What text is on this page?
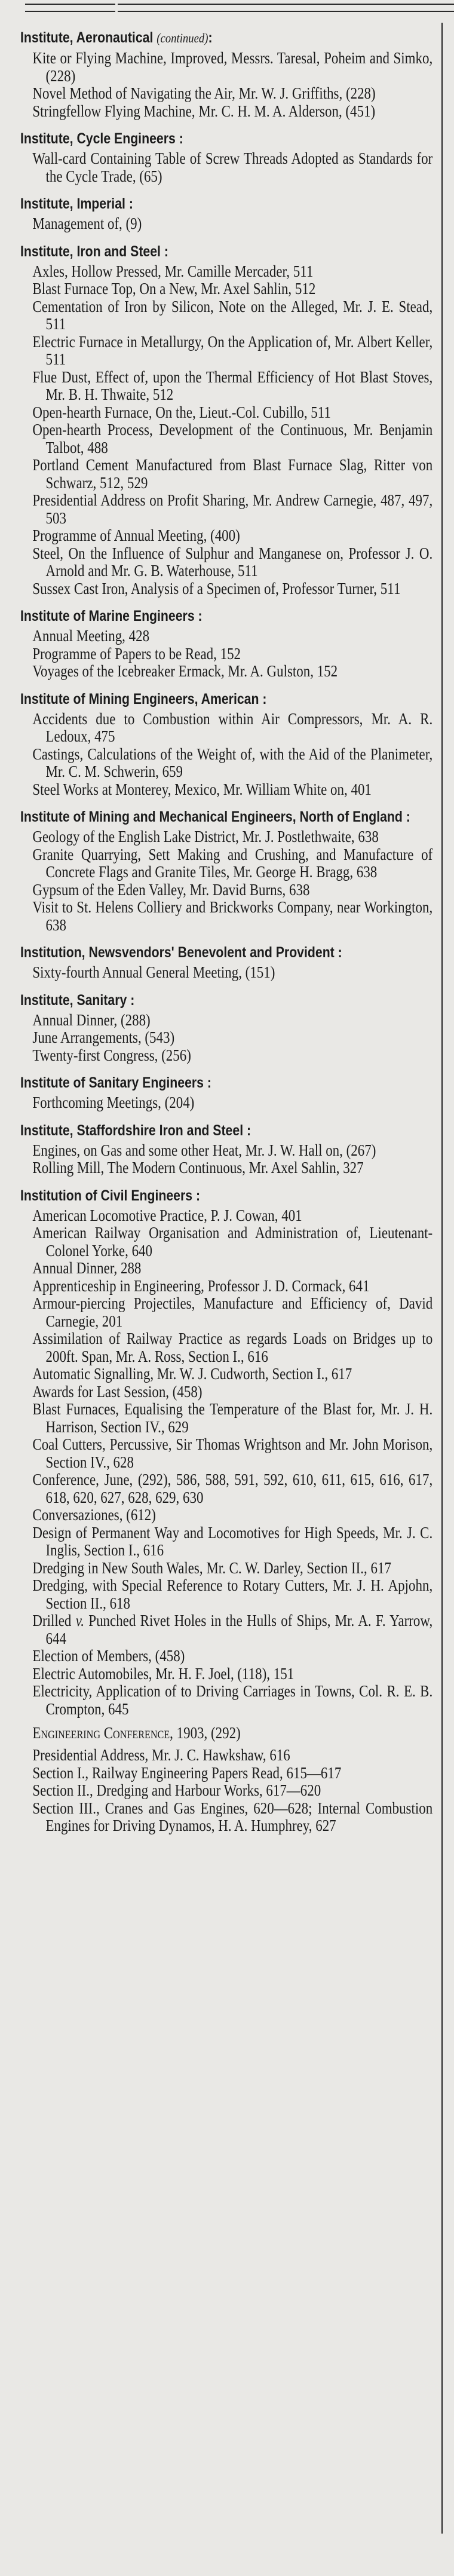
Institute, Aeronautical (continued):
Kite or Flying Machine, Improved, Messrs. Taresal, Poheim and Simko, (228)
Novel Method of Navigating the Air, Mr. W. J. Griffiths, (228)
Stringfellow Flying Machine, Mr. C. H. M. A. Alderson, (451)
Institute, Cycle Engineers :
Wall-card Containing Table of Screw Threads Adopted as Standards for the Cycle Trade, (65)
Institute, Imperial :
Management of, (9)
Institute, Iron and Steel :
Axles, Hollow Pressed, Mr. Camille Mercader, 511
Blast Furnace Top, On a New, Mr. Axel Sahlin, 512
Cementation of Iron by Silicon, Note on the Alleged, Mr. J. E. Stead, 511
Electric Furnace in Metallurgy, On the Application of, Mr. Albert Keller, 511
Flue Dust, Effect of, upon the Thermal Efficiency of Hot Blast Stoves, Mr. B. H. Thwaite, 512
Open-hearth Furnace, On the, Lieut.-Col. Cubillo, 511
Open-hearth Process, Development of the Continuous, Mr. Benjamin Talbot, 488
Portland Cement Manufactured from Blast Furnace Slag, Ritter von Schwarz, 512, 529
Presidential Address on Profit Sharing, Mr. Andrew Carnegie, 487, 497, 503
Programme of Annual Meeting, (400)
Steel, On the Influence of Sulphur and Manganese on, Professor J. O. Arnold and Mr. G. B. Waterhouse, 511
Sussex Cast Iron, Analysis of a Specimen of, Professor Turner, 511
Institute of Marine Engineers :
Annual Meeting, 428
Programme of Papers to be Read, 152
Voyages of the Icebreaker Ermack, Mr. A. Gulston, 152
Institute of Mining Engineers, American :
Accidents due to Combustion within Air Compressors, Mr. A. R. Ledoux, 475
Castings, Calculations of the Weight of, with the Aid of the Planimeter, Mr. C. M. Schwerin, 659
Steel Works at Monterey, Mexico, Mr. William White on, 401
Institute of Mining and Mechanical Engineers, North of England :
Geology of the English Lake District, Mr. J. Postlethwaite, 638
Granite Quarrying, Sett Making and Crushing, and Manufacture of Concrete Flags and Granite Tiles, Mr. George H. Bragg, 638
Gypsum of the Eden Valley, Mr. David Burns, 638
Visit to St. Helens Colliery and Brickworks Company, near Workington, 638
Institution, Newsvendors' Benevolent and Provident :
Sixty-fourth Annual General Meeting, (151)
Institute, Sanitary :
Annual Dinner, (288)
June Arrangements, (543)
Twenty-first Congress, (256)
Institute of Sanitary Engineers :
Forthcoming Meetings, (204)
Institute, Staffordshire Iron and Steel :
Engines, on Gas and some other Heat, Mr. J. W. Hall on, (267)
Rolling Mill, The Modern Continuous, Mr. Axel Sahlin, 327
Institution of Civil Engineers :
American Locomotive Practice, P. J. Cowan, 401
American Railway Organisation and Administration of, Lieutenant-Colonel Yorke, 640
Annual Dinner, 288
Apprenticeship in Engineering, Professor J. D. Cormack, 641
Armour-piercing Projectiles, Manufacture and Efficiency of, David Carnegie, 201
Assimilation of Railway Practice as regards Loads on Bridges up to 200ft. Span, Mr. A. Ross, Section I., 616
Automatic Signalling, Mr. W. J. Cudworth, Section I., 617
Awards for Last Session, (458)
Blast Furnaces, Equalising the Temperature of the Blast for, Mr. J. H. Harrison, Section IV., 629
Coal Cutters, Percussive, Sir Thomas Wrightson and Mr. John Morison, Section IV., 628
Conference, June, (292), 586, 588, 591, 592, 610, 611, 615, 616, 617, 618, 620, 627, 628, 629, 630
Conversaziones, (612)
Design of Permanent Way and Locomotives for High Speeds, Mr. J. C. Inglis, Section I., 616
Dredging in New South Wales, Mr. C. W. Darley, Section II., 617
Dredging, with Special Reference to Rotary Cutters, Mr. J. H. Apjohn, Section II., 618
Drilled v. Punched Rivet Holes in the Hulls of Ships, Mr. A. F. Yarrow, 644
Election of Members, (458)
Electric Automobiles, Mr. H. F. Joel, (118), 151
Electricity, Application of to Driving Carriages in Towns, Col. R. E. B. Crompton, 645
Engineering Conference, 1903, (292)
Presidential Address, Mr. J. C. Hawkshaw, 616
Section I., Railway Engineering Papers Read, 615—617
Section II., Dredging and Harbour Works, 617—620
Section III., Cranes and Gas Engines, 620—628; Internal Combustion Engines for Driving Dynamos, H. A. Humphrey, 627
